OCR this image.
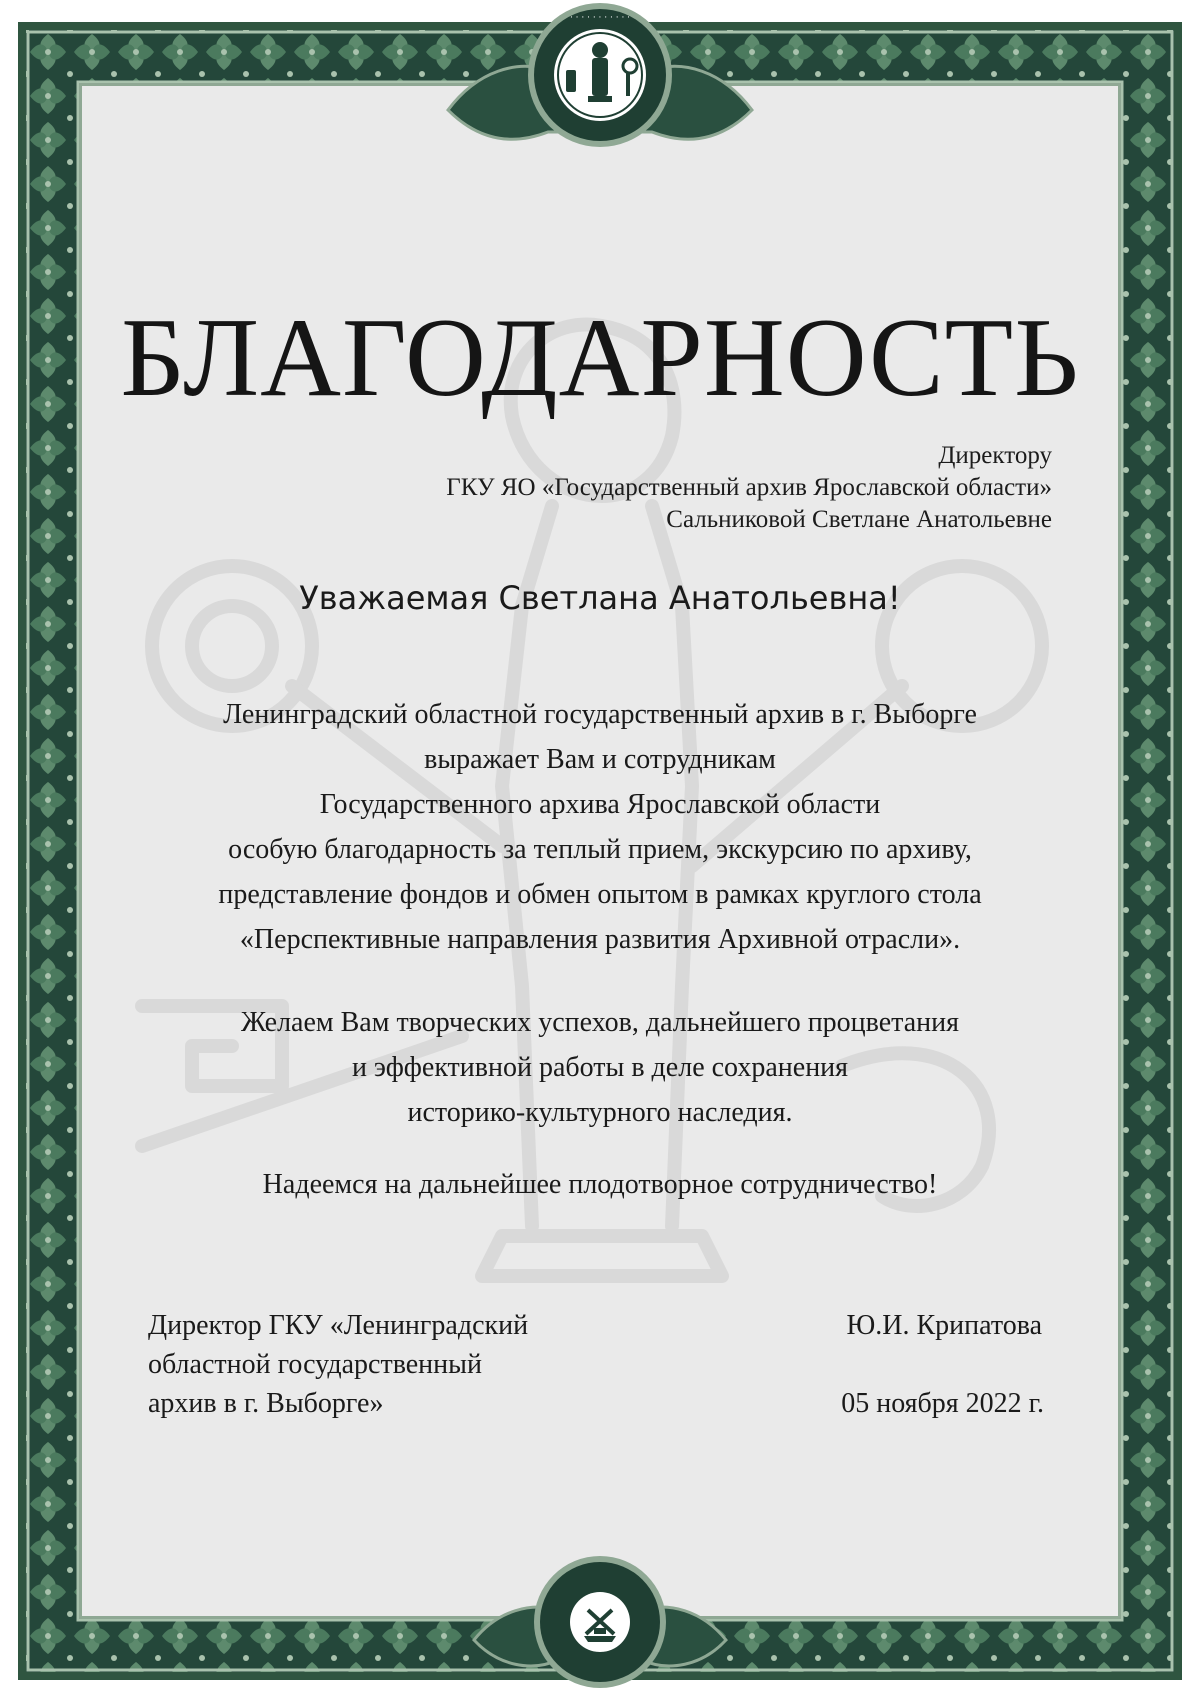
· · · · · · · · · · ·
БЛАГОДАРНОСТЬ
Директору
ГКУ ЯО «Государственный архив Ярославской области»
Сальниковой Светлане Анатольевне
Уважаемая Светлана Анатольевна!
Ленинградский областной государственный архив в г. Выборге
выражает Вам и сотрудникам
Государственного архива Ярославской области
особую благодарность за теплый прием, экскурсию по архиву,
представление фондов и обмен опытом в рамках круглого стола
«Перспективные направления развития Архивной отрасли».
Желаем Вам творческих успехов, дальнейшего процветания
и эффективной работы в деле сохранения
историко-культурного наследия.
Надеемся на дальнейшее плодотворное сотрудничество!
Директор ГКУ «Ленинградский
областной государственный
архив в г. Выборге»
Ю.И. Крипатова
05 ноября 2022 г.
